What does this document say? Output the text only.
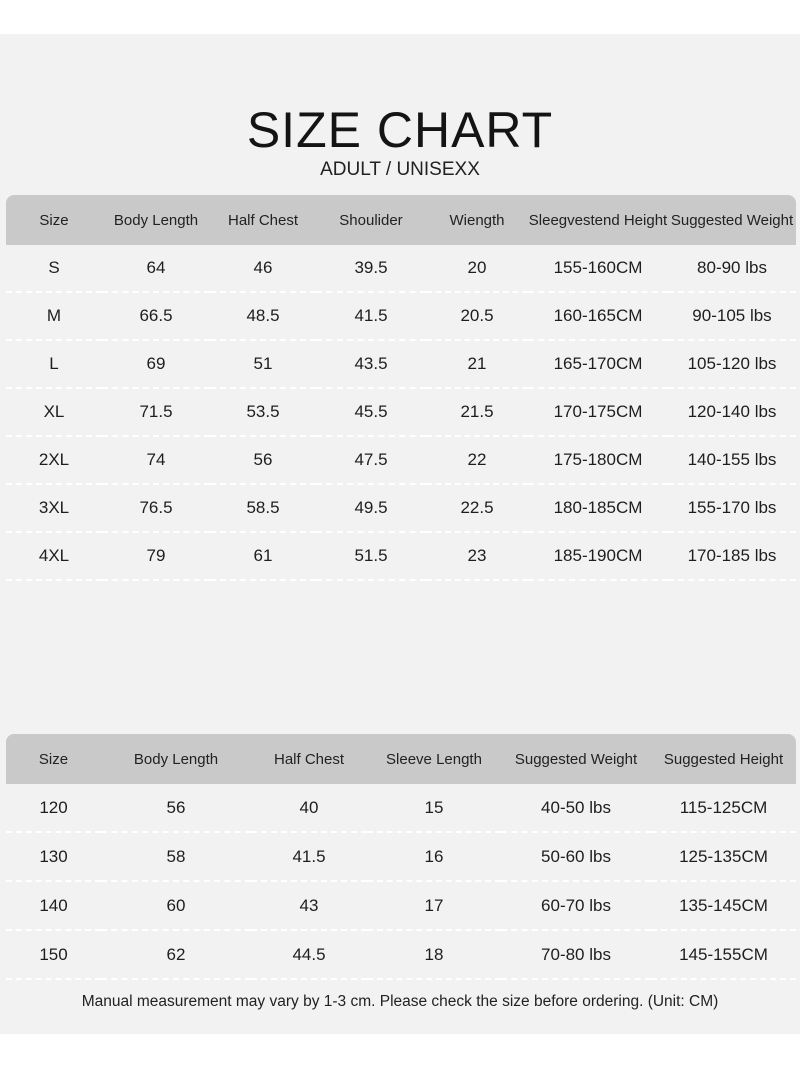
SIZE CHART
ADULT / UNISEXX
Size	Body Length	Half Chest	Shoulider	Wiength	Sleegvestend Height	Suggested Weight
S	64	46	39.5	20	155-160CM	80-90 lbs
M	66.5	48.5	41.5	20.5	160-165CM	90-105 lbs
L	69	51	43.5	21	165-170CM	105-120 lbs
XL	71.5	53.5	45.5	21.5	170-175CM	120-140 lbs
2XL	74	56	47.5	22	175-180CM	140-155 lbs
3XL	76.5	58.5	49.5	22.5	180-185CM	155-170 lbs
4XL	79	61	51.5	23	185-190CM	170-185 lbs
Size	Body Length	Half Chest	Sleeve Length	Suggested Weight	Suggested Height
120	56	40	15	40-50 lbs	115-125CM
130	58	41.5	16	50-60 lbs	125-135CM
140	60	43	17	60-70 lbs	135-145CM
150	62	44.5	18	70-80 lbs	145-155CM
Manual measurement may vary by 1-3 cm. Please check the size before ordering. (Unit: CM)
